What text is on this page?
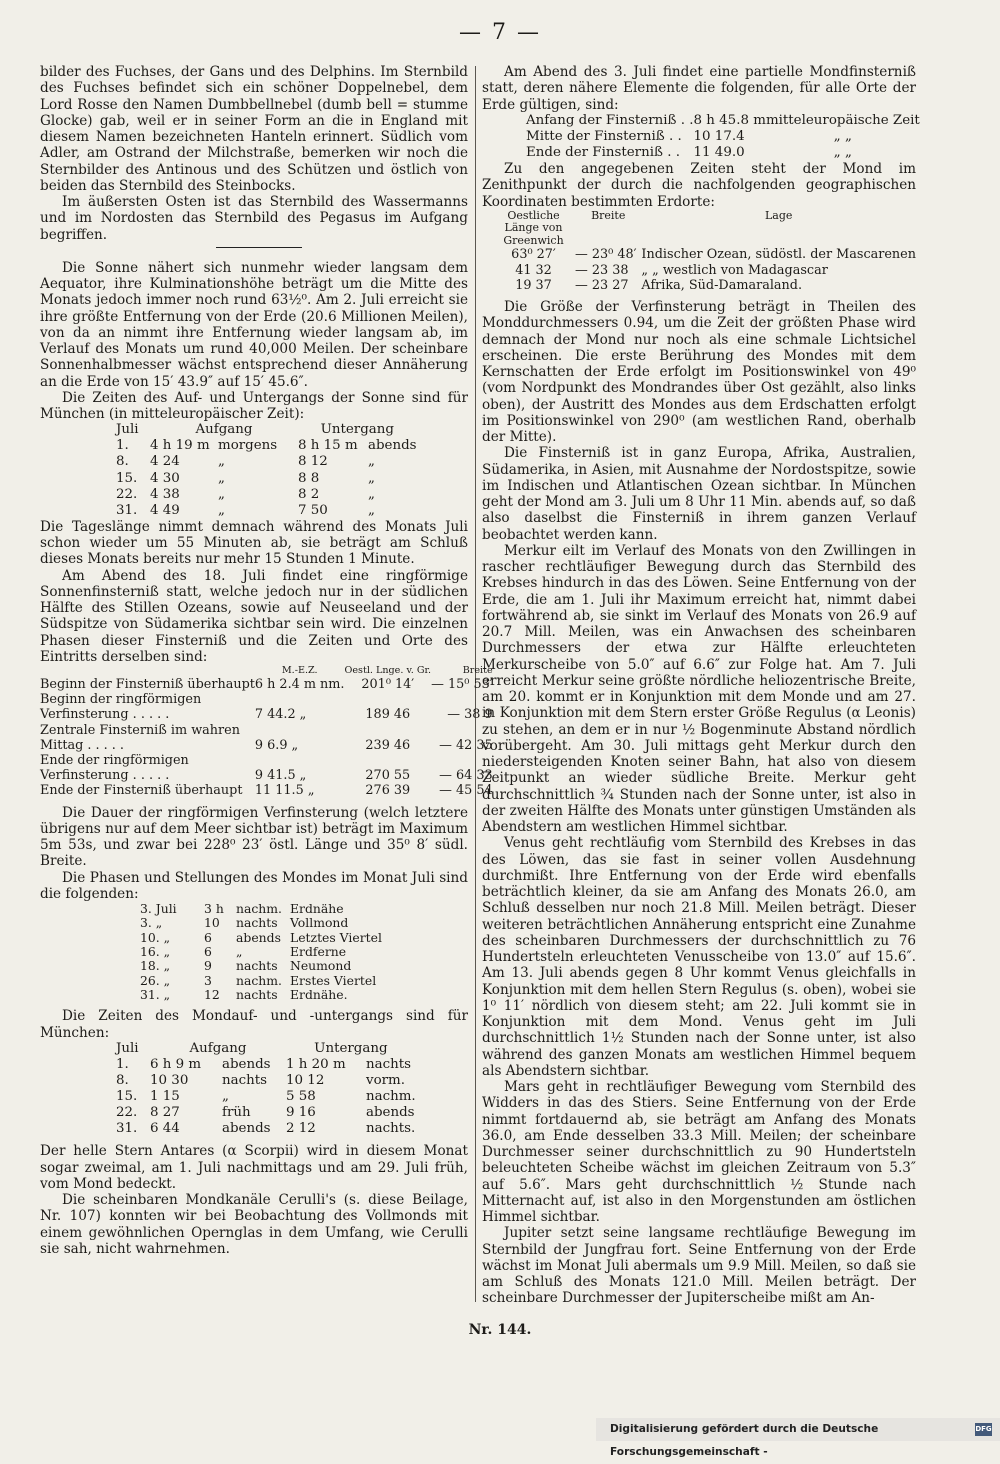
— 7 —

bilder des Fuchses, der Gans und des Delphins. Im Sternbild des Fuchses befindet sich ein schöner Doppelnebel, dem Lord Rosse den Namen Dumbbellnebel (dumb bell = stumme Glocke) gab, weil er in seiner Form an die in England mit diesem Namen bezeichneten Hanteln erinnert. Südlich vom Adler, am Ostrand der Milchstraße, bemerken wir noch die Sternbilder des Antinous und des Schützen und östlich von beiden das Sternbild des Steinbocks.

Im äußersten Osten ist das Sternbild des Wassermanns und im Nordosten das Sternbild des Pegasus im Aufgang begriffen.

Die Sonne nähert sich nunmehr wieder langsam dem Aequator, ihre Kulminationshöhe beträgt um die Mitte des Monats jedoch immer noch rund 63½⁰. Am 2. Juli erreicht sie ihre größte Entfernung von der Erde (20.6 Millionen Meilen), von da an nimmt ihre Entfernung wieder langsam ab, im Verlauf des Monats um rund 40,000 Meilen. Der scheinbare Sonnenhalbmesser wächst entsprechend dieser Annäherung an die Erde von 15′ 43.9″ auf 15′ 45.6″.

Die Zeiten des Auf- und Untergangs der Sonne sind für München (in mitteleuropäischer Zeit):

Juli	Aufgang		Untergang	
1.	4 h 19 m	morgens	8 h 15 m	abends
8.	4 24	„	8 12	„
15.	4 30	„	8 8	„
22.	4 38	„	8 2	„
31.	4 49	„	7 50	„

Die Tageslänge nimmt demnach während des Monats Juli schon wieder um 55 Minuten ab, sie beträgt am Schluß dieses Monats bereits nur mehr 15 Stunden 1 Minute.

Am Abend des 18. Juli findet eine ringförmige Sonnenfinsterniß statt, welche jedoch nur in der südlichen Hälfte des Stillen Ozeans, sowie auf Neuseeland und der Südspitze von Südamerika sichtbar sein wird. Die einzelnen Phasen dieser Finsterniß und die Zeiten und Orte des Eintritts derselben sind:

	M.-E.Z.	Oestl. Lnge. v. Gr.	Breite
Beginn der Finsterniß überhaupt	6 h 2.4 m nm.	201⁰ 14′	— 15⁰ 53′
Beginn der ringförmigen Verfinsterung . . . . .	7 44.2 „	189 46	— 38 9
Zentrale Finsterniß im wahren Mittag . . . . .	9 6.9 „	239 46	— 42 35
Ende der ringförmigen Verfinsterung . . . . .	9 41.5 „	270 55	— 64 33
Ende der Finsterniß überhaupt	11 11.5 „	276 39	— 45 54

Die Dauer der ringförmigen Verfinsterung (welch letztere übrigens nur auf dem Meer sichtbar ist) beträgt im Maximum 5m 53s, und zwar bei 228⁰ 23′ östl. Länge und 35⁰ 8′ südl. Breite.

Die Phasen und Stellungen des Mondes im Monat Juli sind die folgenden:

3. Juli	3 h	nachm.	Erdnähe
3. „	10	nachts	Vollmond
10. „	6	abends	Letztes Viertel
16. „	6	„	Erdferne
18. „	9	nachts	Neumond
26. „	3	nachm.	Erstes Viertel
31. „	12	nachts	Erdnähe.

Die Zeiten des Mondauf- und -untergangs sind für München:

Juli	Aufgang		Untergang	
1.	6 h 9 m	abends	1 h 20 m	nachts
8.	10 30	nachts	10 12	vorm.
15.	1 15	„	5 58	nachm.
22.	8 27	früh	9 16	abends
31.	6 44	abends	2 12	nachts.

Der helle Stern Antares (α Scorpii) wird in diesem Monat sogar zweimal, am 1. Juli nachmittags und am 29. Juli früh, vom Mond bedeckt.

Die scheinbaren Mondkanäle Cerulli's (s. diese Beilage, Nr. 107) konnten wir bei Beobachtung des Vollmonds mit einem gewöhnlichen Opernglas in dem Umfang, wie Cerulli sie sah, nicht wahrnehmen.

Am Abend des 3. Juli findet eine partielle Mondfinsterniß statt, deren nähere Elemente die folgenden, für alle Orte der Erde gültigen, sind:

Anfang der Finsterniß . .	8 h 45.8 m	mitteleuropäische Zeit
Mitte der Finsterniß . .	10 17.4	„ „
Ende der Finsterniß . .	11 49.0	„ „

Zu den angegebenen Zeiten steht der Mond im Zenithpunkt der durch die nachfolgenden geographischen Koordinaten bestimmten Erdorte:

Oestliche Länge von Greenwich	Breite	Lage
63⁰ 27′	— 23⁰ 48′	Indischer Ozean, südöstl. der Mascarenen
41 32	— 23 38	„ „ westlich von Madagascar
19 37	— 23 27	Afrika, Süd-Damaraland.

Die Größe der Verfinsterung beträgt in Theilen des Monddurchmessers 0.94, um die Zeit der größten Phase wird demnach der Mond nur noch als eine schmale Lichtsichel erscheinen. Die erste Berührung des Mondes mit dem Kernschatten der Erde erfolgt im Positionswinkel von 49⁰ (vom Nordpunkt des Mondrandes über Ost gezählt, also links oben), der Austritt des Mondes aus dem Erdschatten erfolgt im Positionswinkel von 290⁰ (am westlichen Rand, oberhalb der Mitte).

Die Finsterniß ist in ganz Europa, Afrika, Australien, Südamerika, in Asien, mit Ausnahme der Nordostspitze, sowie im Indischen und Atlantischen Ozean sichtbar. In München geht der Mond am 3. Juli um 8 Uhr 11 Min. abends auf, so daß also daselbst die Finsterniß in ihrem ganzen Verlauf beobachtet werden kann.

Merkur eilt im Verlauf des Monats von den Zwillingen in rascher rechtläufiger Bewegung durch das Sternbild des Krebses hindurch in das des Löwen. Seine Entfernung von der Erde, die am 1. Juli ihr Maximum erreicht hat, nimmt dabei fortwährend ab, sie sinkt im Verlauf des Monats von 26.9 auf 20.7 Mill. Meilen, was ein Anwachsen des scheinbaren Durchmessers der etwa zur Hälfte erleuchteten Merkurscheibe von 5.0″ auf 6.6″ zur Folge hat. Am 7. Juli erreicht Merkur seine größte nördliche heliozentrische Breite, am 20. kommt er in Konjunktion mit dem Monde und am 27. in Konjunktion mit dem Stern erster Größe Regulus (α Leonis) zu stehen, an dem er in nur ½ Bogenminute Abstand nördlich vorübergeht. Am 30. Juli mittags geht Merkur durch den niedersteigenden Knoten seiner Bahn, hat also von diesem Zeitpunkt an wieder südliche Breite. Merkur geht durchschnittlich ¾ Stunden nach der Sonne unter, ist also in der zweiten Hälfte des Monats unter günstigen Umständen als Abendstern am westlichen Himmel sichtbar.

Venus geht rechtläufig vom Sternbild des Krebses in das des Löwen, das sie fast in seiner vollen Ausdehnung durchmißt. Ihre Entfernung von der Erde wird ebenfalls beträchtlich kleiner, da sie am Anfang des Monats 26.0, am Schluß desselben nur noch 21.8 Mill. Meilen beträgt. Dieser weiteren beträchtlichen Annäherung entspricht eine Zunahme des scheinbaren Durchmessers der durchschnittlich zu 76 Hundertsteln erleuchteten Venusscheibe von 13.0″ auf 15.6″. Am 13. Juli abends gegen 8 Uhr kommt Venus gleichfalls in Konjunktion mit dem hellen Stern Regulus (s. oben), wobei sie 1⁰ 11′ nördlich von diesem steht; am 22. Juli kommt sie in Konjunktion mit dem Mond. Venus geht im Juli durchschnittlich 1½ Stunden nach der Sonne unter, ist also während des ganzen Monats am westlichen Himmel bequem als Abendstern sichtbar.

Mars geht in rechtläufiger Bewegung vom Sternbild des Widders in das des Stiers. Seine Entfernung von der Erde nimmt fortdauernd ab, sie beträgt am Anfang des Monats 36.0, am Ende desselben 33.3 Mill. Meilen; der scheinbare Durchmesser seiner durchschnittlich zu 90 Hundertsteln beleuchteten Scheibe wächst im gleichen Zeitraum von 5.3″ auf 5.6″. Mars geht durchschnittlich ½ Stunde nach Mitternacht auf, ist also in den Morgenstunden am östlichen Himmel sichtbar.

Jupiter setzt seine langsame rechtläufige Bewegung im Sternbild der Jungfrau fort. Seine Entfernung von der Erde wächst im Monat Juli abermals um 9.9 Mill. Meilen, so daß sie am Schluß des Monats 121.0 Mill. Meilen beträgt. Der scheinbare Durchmesser der Jupiterscheibe mißt am An-

Nr. 144.
Digitalisierung gefördert durch die Deutsche Forschungsgemeinschaft -
DFG
